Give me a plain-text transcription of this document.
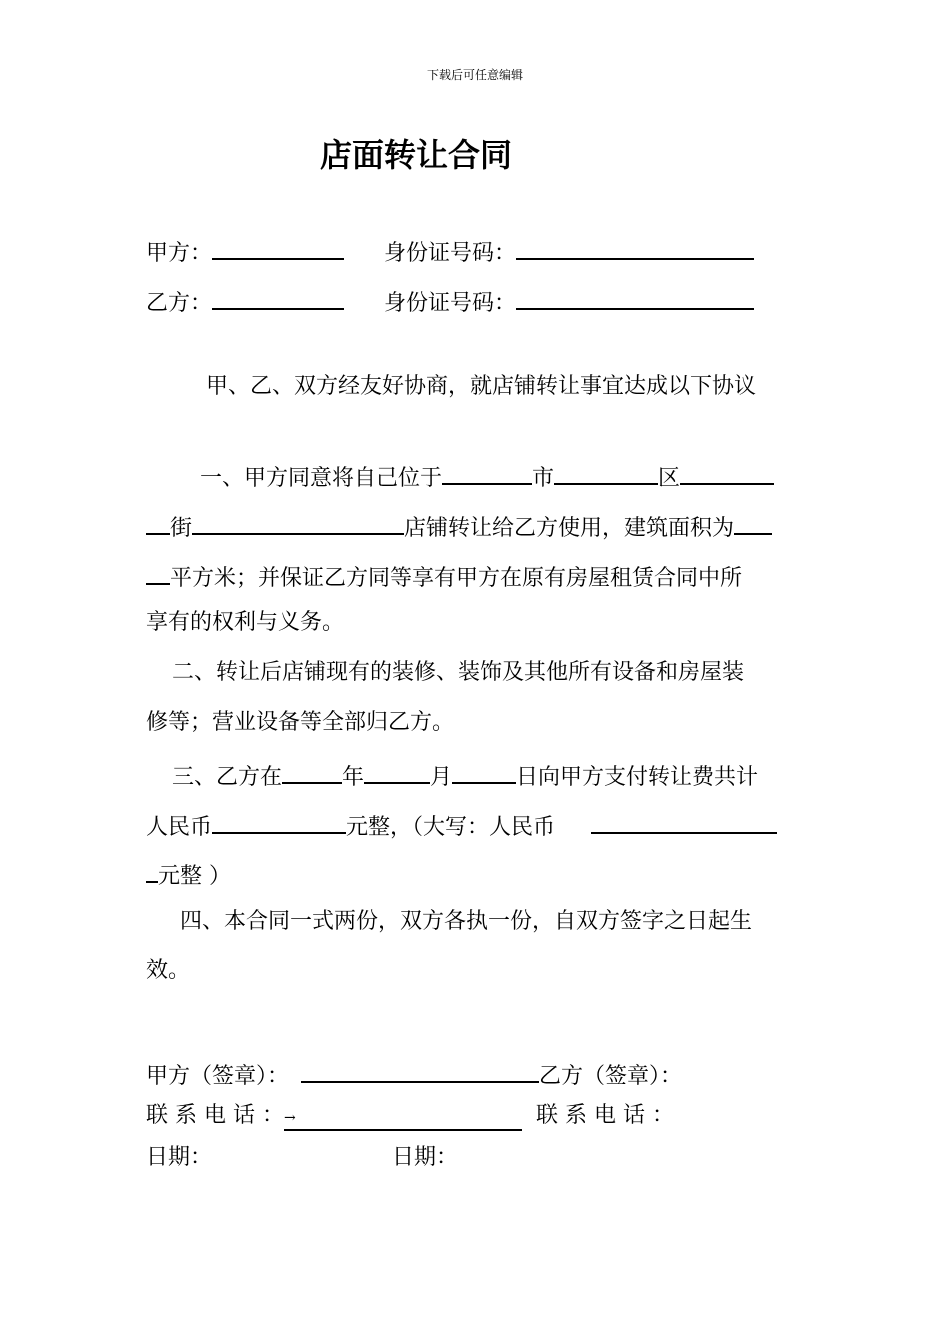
下载后可任意编辑
店面转让合同
甲方：	身份证号码：
乙方：	身份证号码：
甲、乙、双方经友好协商，就店铺转让事宜达成以下协议
一、甲方同意将自己位于	市	区
街	店铺转让给乙方使用，建筑面积为
平方米；并保证乙方同等享有甲方在原有房屋租赁合同中所
享有的权利与义务。
二、转让后店铺现有的装修、装饰及其他所有设备和房屋装
修等；营业设备等全部归乙方。
三、乙方在	年	月	日向甲方支付转让费共计
人民币	元整，（大写：人民币
元整 ）
四、本合同一式两份，双方各执一份，自双方签字之日起生
效。
甲方（签章）：	乙方（签章）：
联 系 电 话 ：→	联 系 电 话 ：
日期：	日期：
